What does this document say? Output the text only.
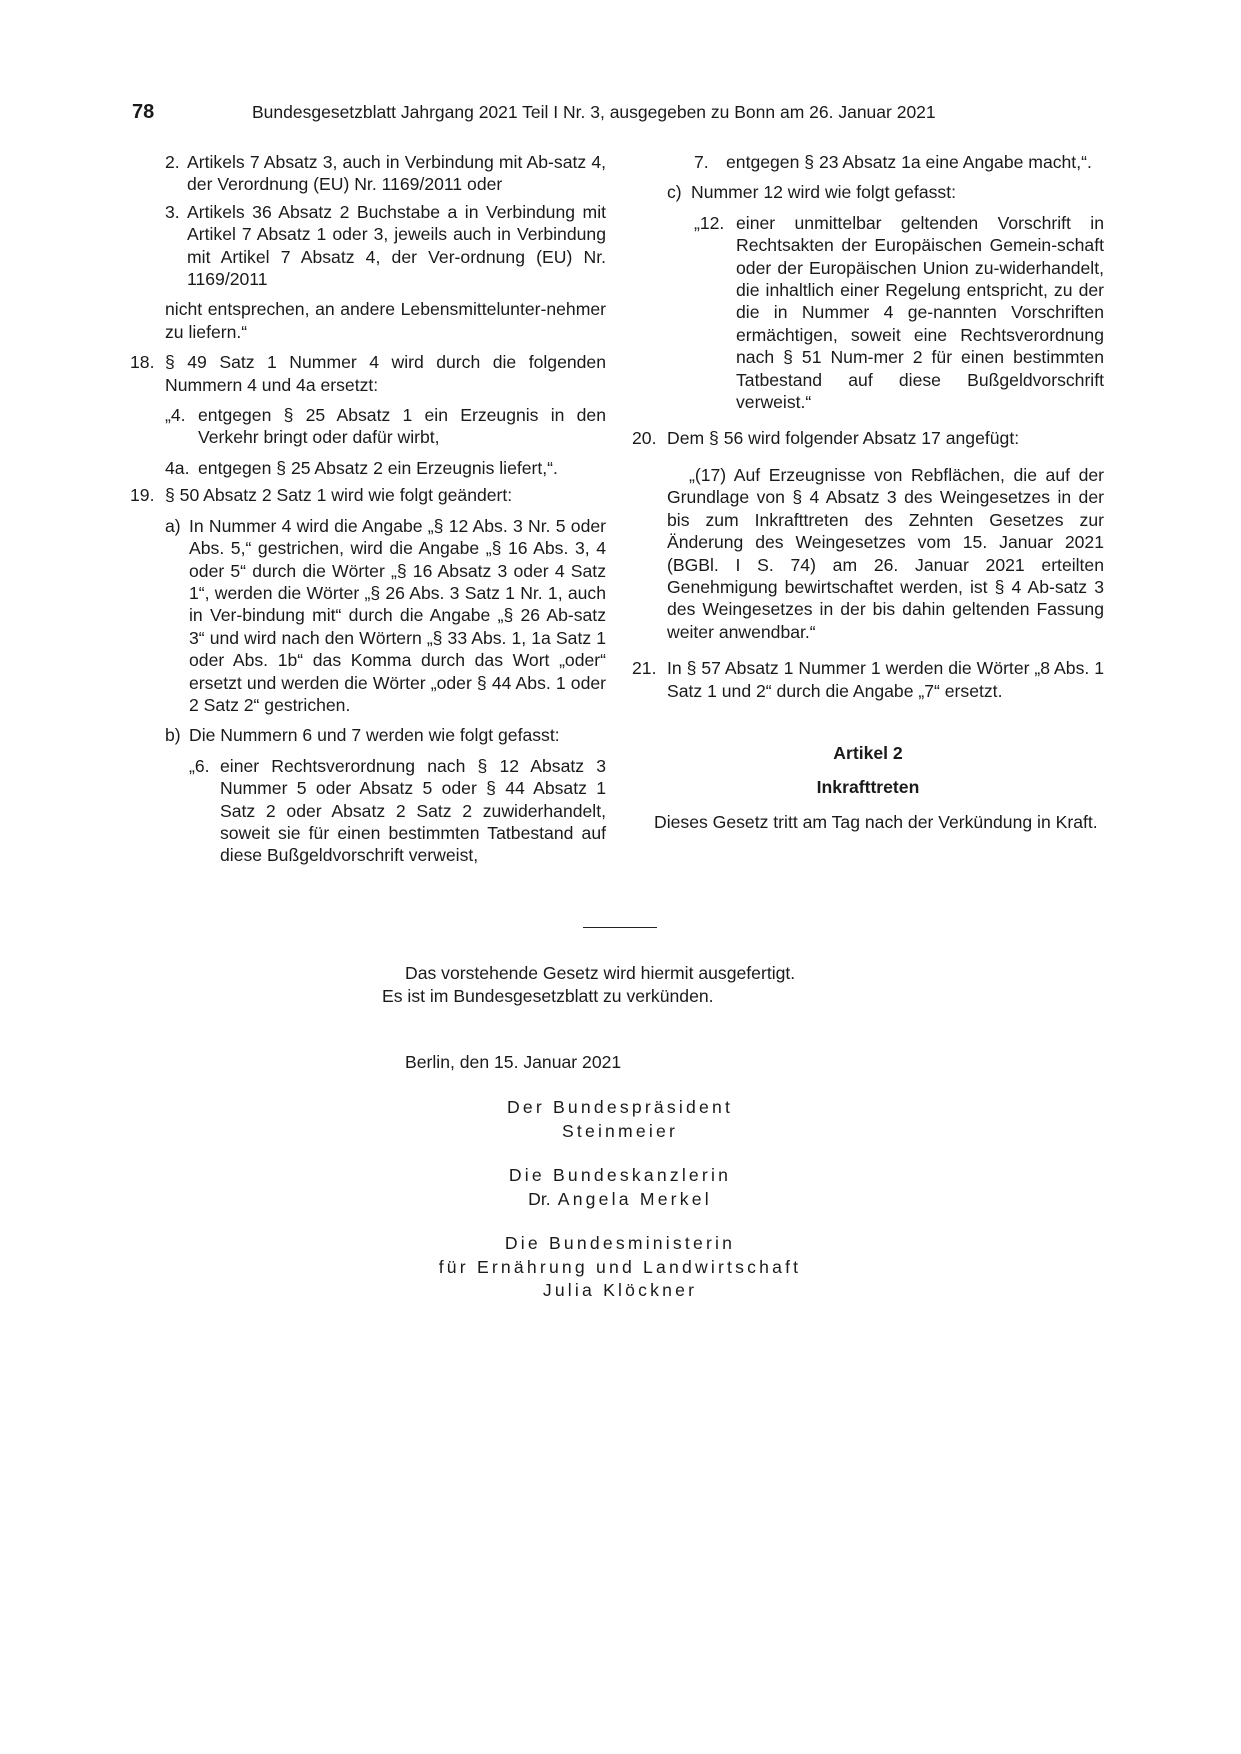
78	Bundesgesetzblatt Jahrgang 2021 Teil I Nr. 3, ausgegeben zu Bonn am 26. Januar 2021
2. Artikels 7 Absatz 3, auch in Verbindung mit Ab-satz 4, der Verordnung (EU) Nr. 1169/2011 oder
3. Artikels 36 Absatz 2 Buchstabe a in Verbindung mit Artikel 7 Absatz 1 oder 3, jeweils auch in Verbindung mit Artikel 7 Absatz 4, der Ver-ordnung (EU) Nr. 1169/2011
nicht entsprechen, an andere Lebensmittelunter-nehmer zu liefern.“
18. § 49 Satz 1 Nummer 4 wird durch die folgenden Nummern 4 und 4a ersetzt:
„4. entgegen § 25 Absatz 1 ein Erzeugnis in den Verkehr bringt oder dafür wirbt,
4a. entgegen § 25 Absatz 2 ein Erzeugnis liefert,“.
19. § 50 Absatz 2 Satz 1 wird wie folgt geändert:
a) In Nummer 4 wird die Angabe „§ 12 Abs. 3 Nr. 5 oder Abs. 5,“ gestrichen, wird die Angabe „§ 16 Abs. 3, 4 oder 5“ durch die Wörter „§ 16 Absatz 3 oder 4 Satz 1“, werden die Wörter „§ 26 Abs. 3 Satz 1 Nr. 1, auch in Ver-bindung mit“ durch die Angabe „§ 26 Ab-satz 3“ und wird nach den Wörtern „§ 33 Abs. 1, 1a Satz 1 oder Abs. 1b“ das Komma durch das Wort „oder“ ersetzt und werden die Wörter „oder § 44 Abs. 1 oder 2 Satz 2“ gestrichen.
b) Die Nummern 6 und 7 werden wie folgt gefasst:
„6. einer Rechtsverordnung nach § 12 Absatz 3 Nummer 5 oder Absatz 5 oder § 44 Absatz 1 Satz 2 oder Absatz 2 Satz 2 zuwiderhandelt, soweit sie für einen bestimmten Tatbestand auf diese Bußgeldvorschrift verweist,
7. entgegen § 23 Absatz 1a eine Angabe macht,“.
c) Nummer 12 wird wie folgt gefasst:
„12. einer unmittelbar geltenden Vorschrift in Rechtsakten der Europäischen Gemein-schaft oder der Europäischen Union zu-widerhandelt, die inhaltlich einer Regelung entspricht, zu der die in Nummer 4 ge-nannten Vorschriften ermächtigen, soweit eine Rechtsverordnung nach § 51 Num-mer 2 für einen bestimmten Tatbestand auf diese Bußgeldvorschrift verweist.“
20. Dem § 56 wird folgender Absatz 17 angefügt:
„(17) Auf Erzeugnisse von Rebflächen, die auf der Grundlage von § 4 Absatz 3 des Weingesetzes in der bis zum Inkrafttreten des Zehnten Gesetzes zur Änderung des Weingesetzes vom 15. Januar 2021 (BGBl. I S. 74) am 26. Januar 2021 erteilten Genehmigung bewirtschaftet werden, ist § 4 Ab-satz 3 des Weingesetzes in der bis dahin geltenden Fassung weiter anwendbar.“
21. In § 57 Absatz 1 Nummer 1 werden die Wörter „8 Abs. 1 Satz 1 und 2“ durch die Angabe „7“ ersetzt.
Artikel 2
Inkrafttreten
Dieses Gesetz tritt am Tag nach der Verkündung in Kraft.
Das vorstehende Gesetz wird hiermit ausgefertigt.
Es ist im Bundesgesetzblatt zu verkünden.
Berlin, den 15. Januar 2021
Der Bundespräsident
Steinmeier
Die Bundeskanzlerin
Dr. Angela Merkel
Die Bundesministerin
für Ernährung und Landwirtschaft
Julia Klöckner
